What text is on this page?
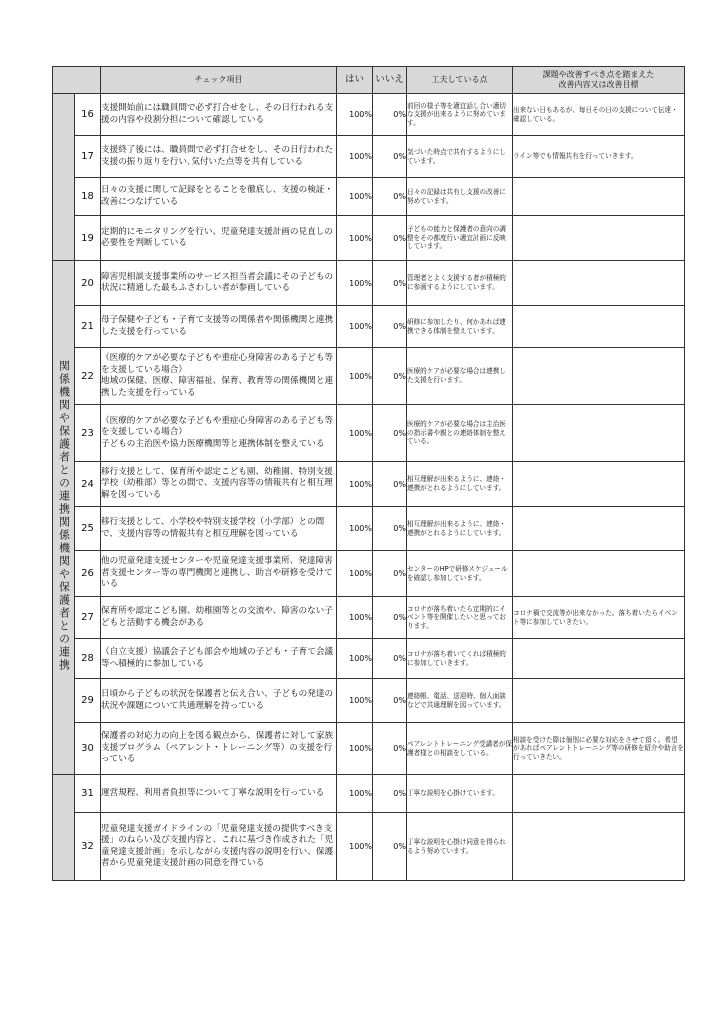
		チェック項目	はい	いいえ	工夫している点	課題や改善すべき点を踏まえた
改善内容又は改善目標
	16	支援開始前には職員間で必ず打合せをし、その日行われる支援の内容や役割分担について確認している	100%	0%	前回の様子等を適宜話し合い適切な支援が出来るように努めています。	出来ない日もあるが、毎日その日の支援について伝達・確認している。
	17	支援終了後には、職員間で必ず打合せをし、その日行われた支援の振り返りを行い､気付いた点等を共有している	100%	0%	気づいた時点で共有するようにしています。	ライン等でも情報共有を行っていきます。
	18	日々の支援に関して記録をとることを徹底し、支援の検証・改善につなげている	100%	0%	日々の記録は共有し支援の改善に努めています。	
	19	定期的にモニタリングを行い、児童発達支援計画の見直しの必要性を判断している	100%	0%	子どもの能力と保護者の意向の調整をその都度行い適宜計画に反映しています。	
関係機関や保護者との連携関係機関や保護者との連携	20	障害児相談支援事業所のサービス担当者会議にその子どもの状況に精通した最もふさわしい者が参画している	100%	0%	管理者とよく支援する者が積極的に参画するようにしています。	
	21	母子保健や子ども・子育て支援等の関係者や関係機関と連携した支援を行っている	100%	0%	研修に参加したり、何かあれば連携できる体制を整えています。	
	22	（医療的ケアが必要な子どもや重症心身障害のある子ども等を支援している場合）
地域の保健、医療、障害福祉、保育、教育等の関係機関と連携した支援を行っている	100%	0%	医療的ケアが必要な場合は連携した支援を行います。	
	23	（医療的ケアが必要な子どもや重症心身障害のある子ども等を支援している場合）
子どもの主治医や協力医療機関等と連携体制を整えている	100%	0%	医療的ケアが必要な場合は主治医の指示書や親との連絡体制を整えている。	
	24	移行支援として、保育所や認定こども園、幼稚園、特別支援学校（幼稚部）等との間で、支援内容等の情報共有と相互理解を図っている	100%	0%	相互理解が出来るように、連絡・連携がとれるようにしています。	
	25	移行支援として、小学校や特別支援学校（小学部）との間で、支援内容等の情報共有と相互理解を図っている	100%	0%	相互理解が出来るように、連絡・連携がとれるようにしています。	
	26	他の児童発達支援センターや児童発達支援事業所、発達障害者支援センター等の専門機関と連携し、助言や研修を受けている	100%	0%	センターのHPで研修スケジュールを確認し参加しています。	
	27	保育所や認定こども園、幼稚園等との交流や、障害のない子どもと活動する機会がある	100%	0%	コロナが落ち着いたら定期的にイベント等を開催したいと思っております。	コロナ禍で交流等が出来なかった。落ち着いたらイベント等に参加していきたい。
	28	（自立支援）協議会子ども部会や地域の子ども・子育て会議等へ積極的に参加している	100%	0%	コロナが落ち着いてくれば積極的に参加していきます。	
	29	日頃から子どもの状況を保護者と伝え合い、子どもの発達の状況や課題について共通理解を持っている	100%	0%	連絡帳、電話、送迎時、個人面談などで共通理解を図っています。	
	30	保護者の対応力の向上を図る観点から、保護者に対して家族支援プログラム（ペアレント・トレーニング等）の支援を行っている	100%	0%	ペアレントトレーニング受講者が保護者様との相談をしている。	相談を受けた際は個別に必要な対応をさせて頂く。希望があればペアレントトレーニング等の研修を紹介や助言を行っていきたい。
	31	運営規程、利用者負担等について丁寧な説明を行っている	100%	0%	丁寧な説明を心掛けています。	
	32	児童発達支援ガイドラインの「児童発達支援の提供すべき支援」のねらい及び支援内容と、これに基づき作成された「児童発達支援計画」を示しながら支援内容の説明を行い、保護者から児童発達支援計画の同意を得ている	100%	0%	丁寧な説明を心掛け同意を得られるよう努めています。	
